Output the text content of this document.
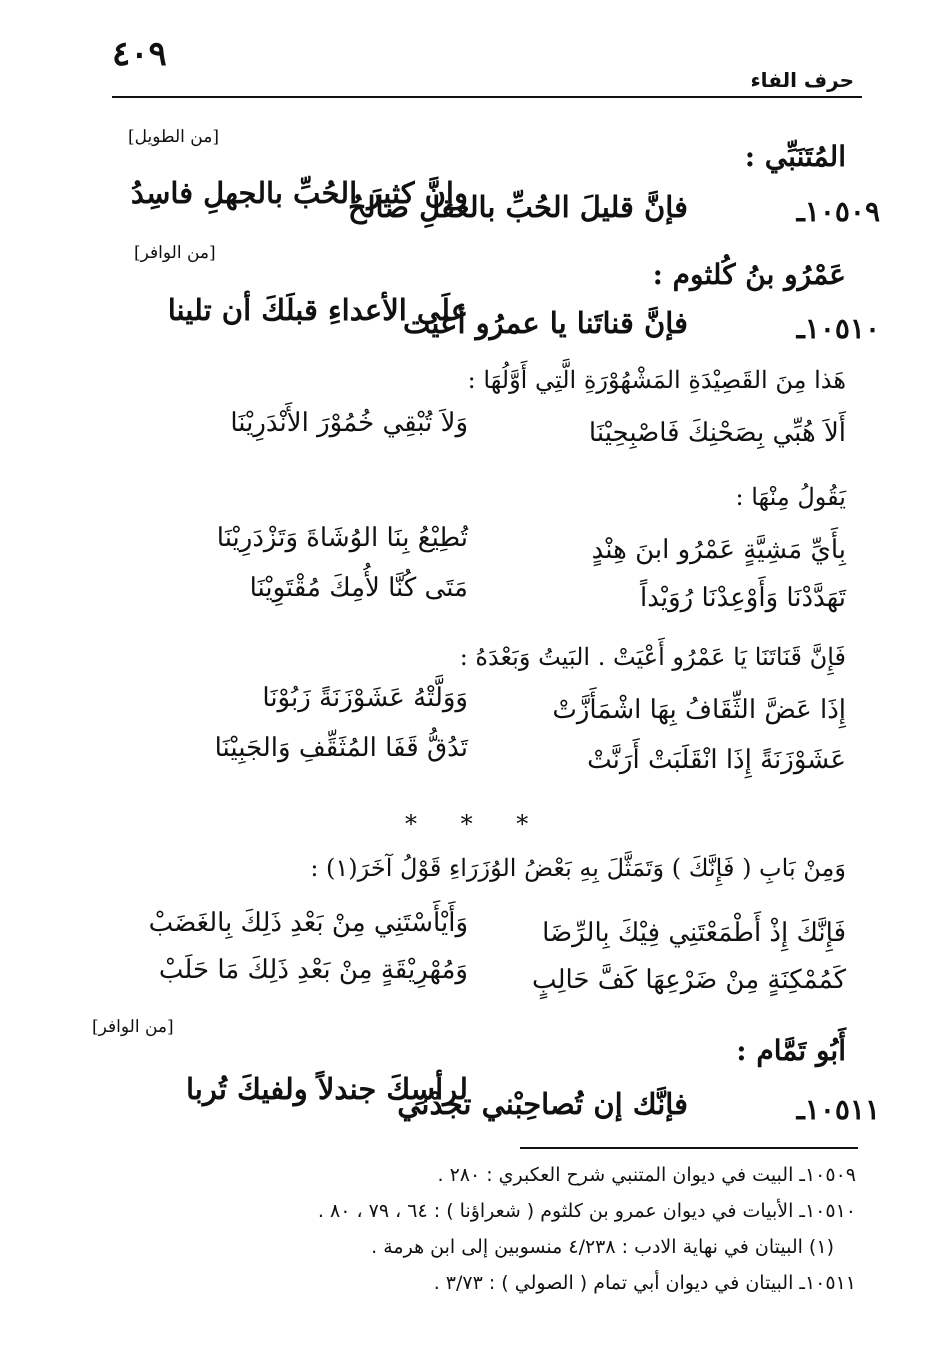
٤٠٩
حرف الفاء
المُتَنَبِّي :
[من الطويل]
١٠٥٠٩ـ
فإنَّ قليلَ الحُبِّ بالعقلِ صالحٌ
وإنَّ كثيرَ الحُبِّ بالجهلِ فاسِدُ
عَمْرُو بنُ كُلثوم :
[من الوافر]
١٠٥١٠ـ
فإنَّ قناتَنا يا عمرُو أعيت
علَى الأعداءِ قبلَكَ أن تلينا
هَذا مِنَ القَصِيْدَةِ المَشْهُوْرَةِ الَّتِي أَوَّلُهَا :
أَلاَ هُبِّي بِصَحْنِكَ فَاصْبِحِيْنَا
وَلاَ تُبْقِي خُمُوْرَ الأَنْدَرِيْنَا
يَقُولُ مِنْهَا :
بِأَيِّ مَشِيَّةٍ عَمْرُو ابنَ هِنْدٍ
تُطِيْعُ بِنَا الوُشَاةَ وَتَزْدَرِيْنَا
تَهَدَّدْنَا وَأَوْعِدْنَا رُوَيْداً
مَتَى كُنَّا لأُمِكَ مُقْتَوِيْنَا
فَإِنَّ قَنَاتَنَا يَا عَمْرُو أَعْيَتْ . البَيتُ وَبَعْدَهُ :
إِذَا عَضَّ الثِّقَافُ بِهَا اشْمَأَزَّتْ
وَوَلَّتْهُ عَشَوْزَنَةً زَبُوْنَا
عَشَوْزَنَةً إِذَا انْقَلَبَتْ أَرَنَّتْ
تَدُقُّ قَفَا المُثَقِّفِ وَالجَبِيْنَا
* * *
وَمِنْ بَابِ ( فَإِنَّكَ ) وَتَمَثَّلَ بِهِ بَعْضُ الوُزَرَاءِ قَوْلُ آخَرَ(١) :
فَإِنَّكَ إِذْ أَطْمَعْتَنِي فِيْكَ بِالرِّضَا
وَأَيْأَسْتَنِي مِنْ بَعْدِ ذَلِكَ بِالغَضَبْ
كَمُمْكِنَةٍ مِنْ ضَرْعِهَا كَفَّ حَالِبٍ
وَمُهْرِيْقَةٍ مِنْ بَعْدِ ذَلِكَ مَا حَلَبْ
أَبُو تَمَّام :
[من الوافر]
١٠٥١١ـ
فإنَّك إن تُصاحِبْني تجدْني
لرأسِكَ جندلاً ولفيكَ تُربا
١٠٥٠٩ـ البيت في ديوان المتنبي شرح العكبري : ٢٨٠ .
١٠٥١٠ـ الأبيات في ديوان عمرو بن كلثوم ( شعراؤنا ) : ٦٤ ، ٧٩ ، ٨٠ .
(١) البيتان في نهاية الادب : ٤/٢٣٨ منسوبين إلى ابن هرمة .
١٠٥١١ـ البيتان في ديوان أبي تمام ( الصولي ) : ٣/٧٣ .
